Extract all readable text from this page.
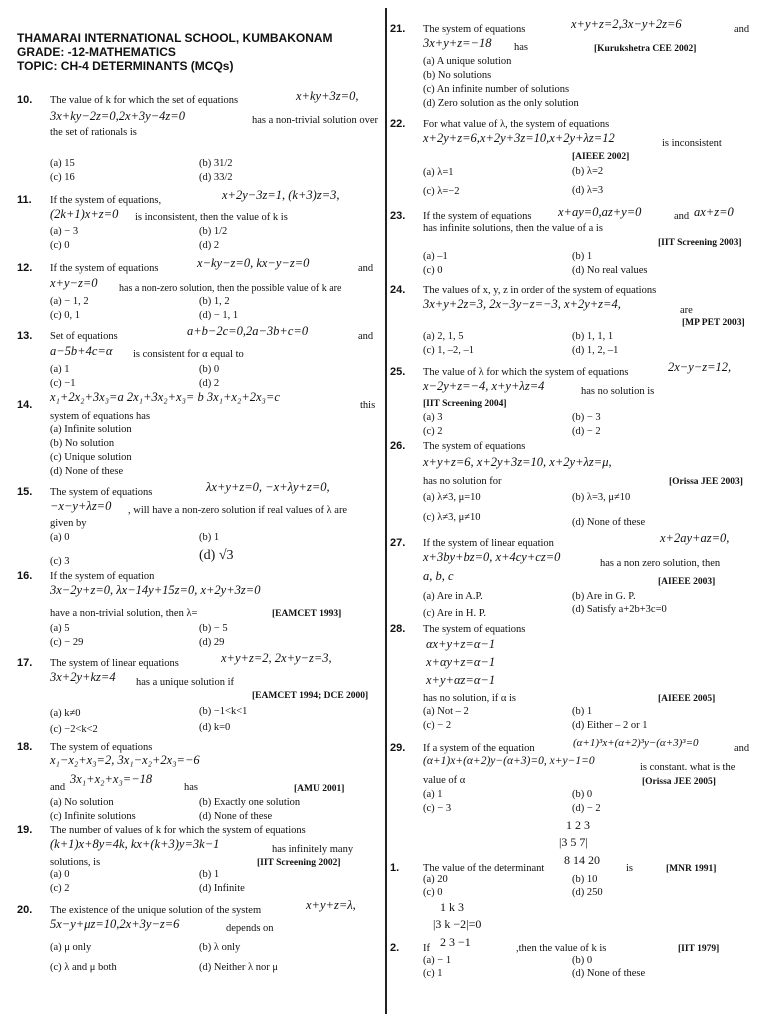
THAMARAI INTERNATIONAL SCHOOL, KUMBAKONAM
GRADE: -12-MATHEMATICS
TOPIC: CH-4 DETERMINANTS (MCQs)
10. The value of k for which the set of equations	x+ky+3z=0,
3x+ky−2z=0,2x+3y−4z=0	has a non-trivial solution over
the set of rationals is
(a) 15	(b) 31/2
(c) 16	(d) 33/2
11. If the system of equations,	x+2y−3z=1, (k+3)z=3,
(2k+1)x+z=0 is inconsistent, then the value of k is
(a) − 3	(b) 1/2
(c) 0	(d) 2
12. If the system of equations	x−ky−z=0, kx−y−z=0	and
x+y−z=0 has a non-zero solution, then the possible value of k are
(a) − 1, 2	(b) 1, 2
(c) 0, 1	(d) − 1, 1
13. Set of equations	a+b−2c=0,2a−3b+c=0	and
a−5b+4c=α is consistent for α equal to
(a) 1	(b) 0
(c) −1	(d) 2
14.
x₁+2x₂+3x₃=a 2x₁+3x₂+x₃= b 3x₁+x₂+2x₃=c
this
system of equations has
(a) Infinite solution
(b) No solution
(c) Unique solution
(d) None of these
15. The system of equations	λx+y+z=0, −x+λy+z=0,
−x−y+λz=0 , will have a non-zero solution if real values of λ are
given by
(a) 0	(b) 1
(c) 3	(d) √3
16. If the system of equation
3x−2y+z=0, λx−14y+15z=0, x+2y+3z=0
have a non-trivial solution, then λ=	[EAMCET 1993]
(a) 5	(b) − 5
(c) − 29	(d) 29
17. The system of linear equations	x+y+z=2, 2x+y−z=3,
3x+2y+kz=4 has a unique solution if
[EAMCET 1994; DCE 2000]
(a) k≠0	(b) −1<k<1
(c) −2<k<2	(d) k=0
18. The system of equations
x₁−x₂+x₃=2, 3x₁−x₂+2x₃=−6
and
3x₁+x₂+x₃=−18
has	[AMU 2001]
(a) No solution	(b) Exactly one solution
(c) Infinite solutions	(d) None of these
19. The number of values of k for which the system of equations
(k+1)x+8y=4k, kx+(k+3)y=3k−1	has infinitely many
solutions, is	[IIT Screening 2002]
(a) 0	(b) 1
(c) 2	(d) Infinite
20. The existence of the unique solution of the system	x+y+z=λ,
5x−y+μz=10,2x+3y−z=6	depends on
(a) μ only	(b) λ only
(c) λ and μ both	(d) Neither λ nor μ
21. The system of equations	x+y+z=2,3x−y+2z=6	and
3x+y+z=−18 has	[Kurukshetra CEE 2002]
(a) A unique solution
(b) No solutions
(c) An infinite number of solutions
(d) Zero solution as the only solution
22. For what value of λ, the system of equations
x+2y+z=6,x+2y+3z=10,x+2y+λz=12	is inconsistent
[AIEEE 2002]
(a) λ=1	(b) λ=2
(c) λ=−2	(d) λ=3
23. If the system of equations x+ay=0,az+y=0	and ax+z=0
has infinite solutions, then the value of a is
[IIT Screening 2003]
(a) –1	(b) 1
(c) 0	(d) No real values
24. The values of x, y, z in order of the system of equations
3x+y+2z=3, 2x−3y−z=−3, x+2y+z=4,	are
[MP PET 2003]
(a) 2, 1, 5	(b) 1, 1, 1
(c) 1, –2, –1	(d) 1, 2, –1
25. The value of λ for which the system of equations	2x−y−z=12,
x−2y+z=−4, x+y+λz=4	has no solution is
[IIT Screening 2004]
(a) 3	(b) − 3
(c) 2	(d) − 2
26. The system of equations
x+y+z=6, x+2y+3z=10, x+2y+λz=μ,
has no solution for	[Orissa JEE 2003]
(a) λ≠3, μ=10	(b) λ=3, μ≠10
(c) λ≠3, μ≠10	(d) None of these
27. If the system of linear equation	x+2ay+az=0,
x+3by+bz=0, x+4cy+cz=0	has a non zero solution, then
a, b, c	[AIEEE 2003]
(a) Are in A.P.	(b) Are in G. P.
(c) Are in H. P.	(d) Satisfy a+2b+3c=0
28. The system of equations
αx+y+z=α−1
x+αy+z=α−1
x+y+αz=α−1
has no solution, if α is	[AIEEE 2005]
(a) Not – 2	(b) 1
(c) − 2	(d) Either – 2 or 1
29. If a system of the equation	(α+1)³x+(α+2)³y−(α+3)³=0	and
(α+1)x+(α+2)y−(α+3)=0, x+y−1=0
is constant. what is the
value of α	[Orissa JEE 2005]
(a) 1	(b) 0
(c) − 3	(d) − 2
1 2 3
|3 5 7|
1. The value of the determinant
8 14 20
is	[MNR 1991]
(a) 20	(b) 10
(c) 0	(d) 250
1 k 3
|3 k −2|=0
2. If 2 3 −1	,then the value of k is	[IIT 1979]
(a) − 1	(b) 0
(c) 1	(d) None of these
